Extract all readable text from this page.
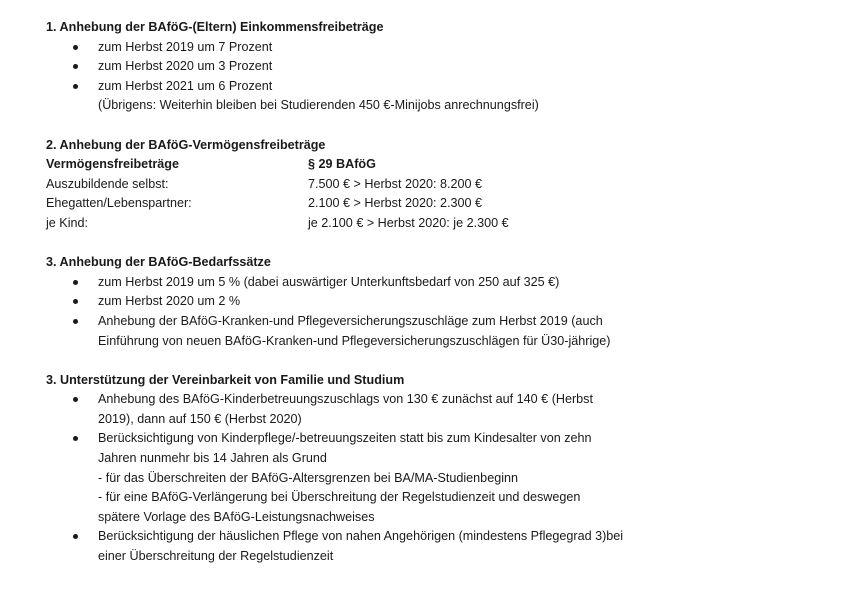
1. Anhebung der BAföG-(Eltern) Einkommensfreibeträge
zum Herbst 2019 um 7 Prozent
zum Herbst 2020 um 3 Prozent
zum Herbst 2021 um 6 Prozent
(Übrigens: Weiterhin bleiben bei Studierenden 450 €-Minijobs anrechnungsfrei)
2. Anhebung der BAföG-Vermögensfreibeträge
Vermögensfreibeträge	§ 29 BAföG
Auszubildende selbst:	7.500 € > Herbst 2020: 8.200 €
Ehegatten/Lebenspartner:	2.100 € > Herbst 2020: 2.300 €
je Kind:	je 2.100 € > Herbst 2020: je 2.300 €
3. Anhebung der BAföG-Bedarfssätze
zum Herbst 2019 um 5 % (dabei auswärtiger Unterkunftsbedarf von 250 auf 325 €)
zum Herbst 2020 um 2 %
Anhebung der BAföG-Kranken-und Pflegeversicherungszuschläge zum Herbst 2019 (auch
Einführung von neuen BAföG-Kranken-und Pflegeversicherungszuschlägen für Ü30-jährige)
3. Unterstützung der Vereinbarkeit von Familie und Studium
Anhebung des BAföG-Kinderbetreuungszuschlags von 130 € zunächst auf 140 € (Herbst
2019), dann auf 150 € (Herbst 2020)
Berücksichtigung von Kinderpflege/-betreuungszeiten statt bis zum Kindesalter von zehn
Jahren nunmehr bis 14 Jahren als Grund
- für das Überschreiten der BAföG-Altersgrenzen bei BA/MA-Studienbeginn
- für eine BAföG-Verlängerung bei Überschreitung der Regelstudienzeit und deswegen
spätere Vorlage des BAföG-Leistungsnachweises
Berücksichtigung der häuslichen Pflege von nahen Angehörigen (mindestens Pflegegrad 3)bei
einer Überschreitung der Regelstudienzeit
